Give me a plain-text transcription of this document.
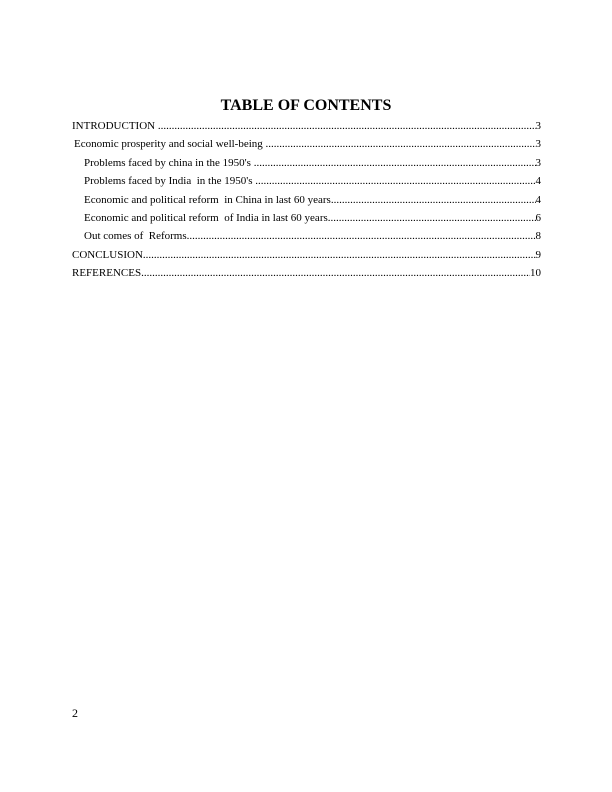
TABLE OF CONTENTS
INTRODUCTION .....	3
Economic prosperity and social well-being .....	3
Problems faced by china in the 1950's .....	3
Problems faced by India  in the 1950's .....	4
Economic and political reform  in China in last 60 years .....	4
Economic and political reform  of India in last 60 years .....	6
Out comes of  Reforms .....	8
CONCLUSION .....	9
REFERENCES .....	10
2
